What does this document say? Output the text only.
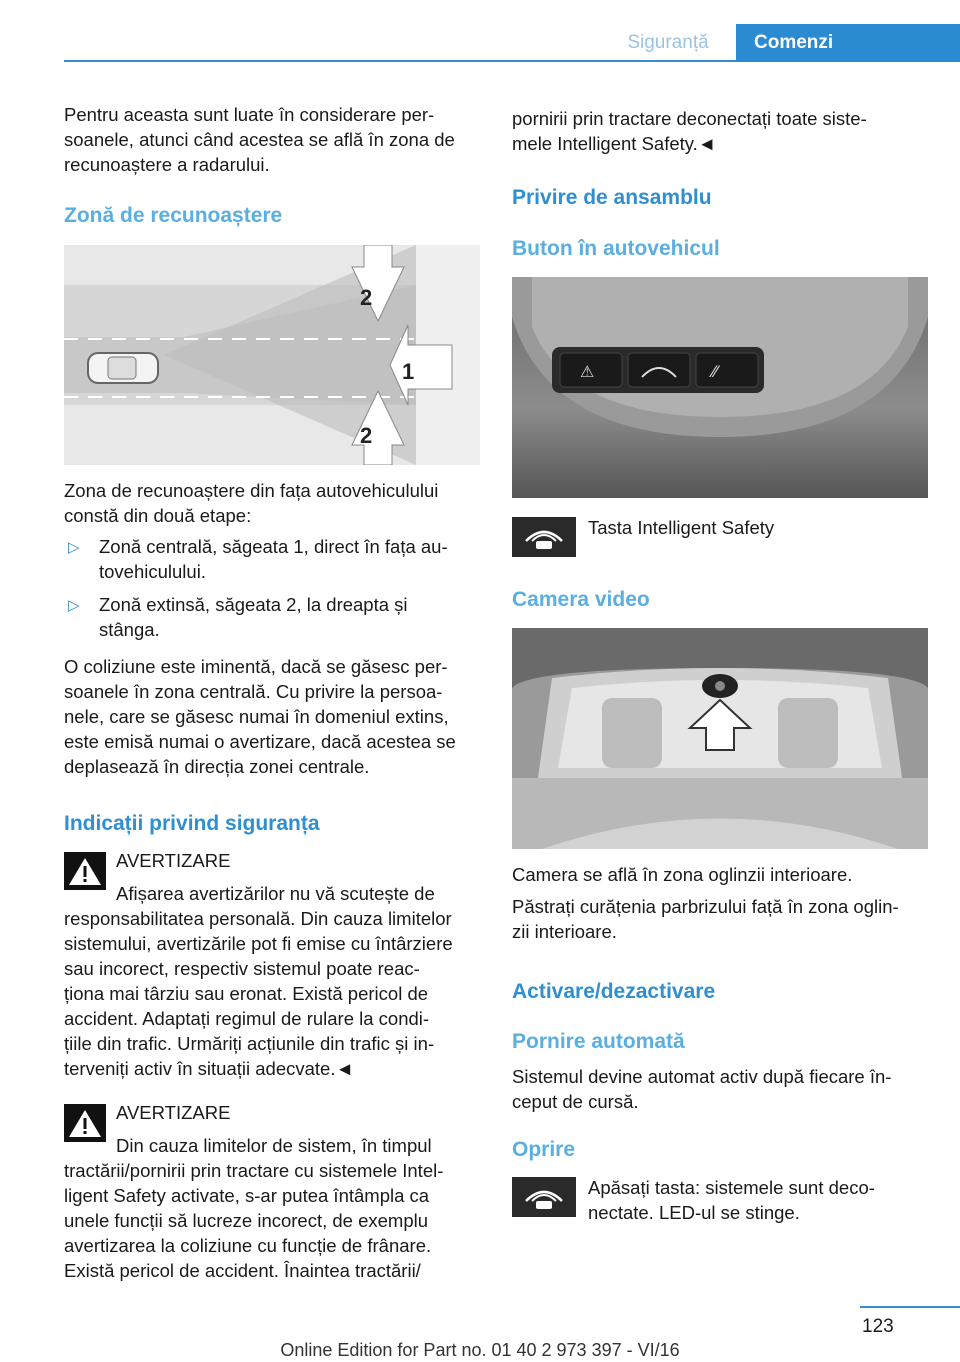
Siguranță	Comenzi
Pentru aceasta sunt luate în considerare per-
soanele, atunci când acestea se află în zona de
recunoaștere a radarului.
Zonă de recunoaștere
2
1
2
Zona de recunoaștere din fața autovehiculului
constă din două etape:
▷ Zonă centrală, săgeata 1, direct în fața au-
tovehiculului.
▷ Zonă extinsă, săgeata 2, la dreapta și
stânga.
O coliziune este iminentă, dacă se găsesc per-
soanele în zona centrală. Cu privire la persoa-
nele, care se găsesc numai în domeniul extins,
este emisă numai o avertizare, dacă acestea se
deplasează în direcția zonei centrale.
Indicații privind siguranța
AVERTIZARE
Afișarea avertizărilor nu vă scutește de
responsabilitatea personală. Din cauza limitelor
sistemului, avertizările pot fi emise cu întârziere
sau incorect, respectiv sistemul poate reac-
ționa mai târziu sau eronat. Există pericol de
accident. Adaptați regimul de rulare la condi-
țiile din trafic. Urmăriți acțiunile din trafic și in-
terveniți activ în situații adecvate.◄
AVERTIZARE
Din cauza limitelor de sistem, în timpul
tractării/pornirii prin tractare cu sistemele Intel-
ligent Safety activate, s-ar putea întâmpla ca
unele funcții să lucreze incorect, de exemplu
avertizarea la coliziune cu funcție de frânare.
Există pericol de accident. Înaintea tractării/
pornirii prin tractare deconectați toate siste-
mele Intelligent Safety.◄
Privire de ansamblu
Buton în autovehicul
⚠	⁄⁄
Tasta Intelligent Safety
Camera video
Camera se află în zona oglinzii interioare.
Păstrați curățenia parbrizului față în zona oglin-
zii interioare.
Activare/dezactivare
Pornire automată
Sistemul devine automat activ după fiecare în-
ceput de cursă.
Oprire
Apăsați tasta: sistemele sunt deco-
nectate. LED-ul se stinge.
123
Online Edition for Part no. 01 40 2 973 397 - VI/16
